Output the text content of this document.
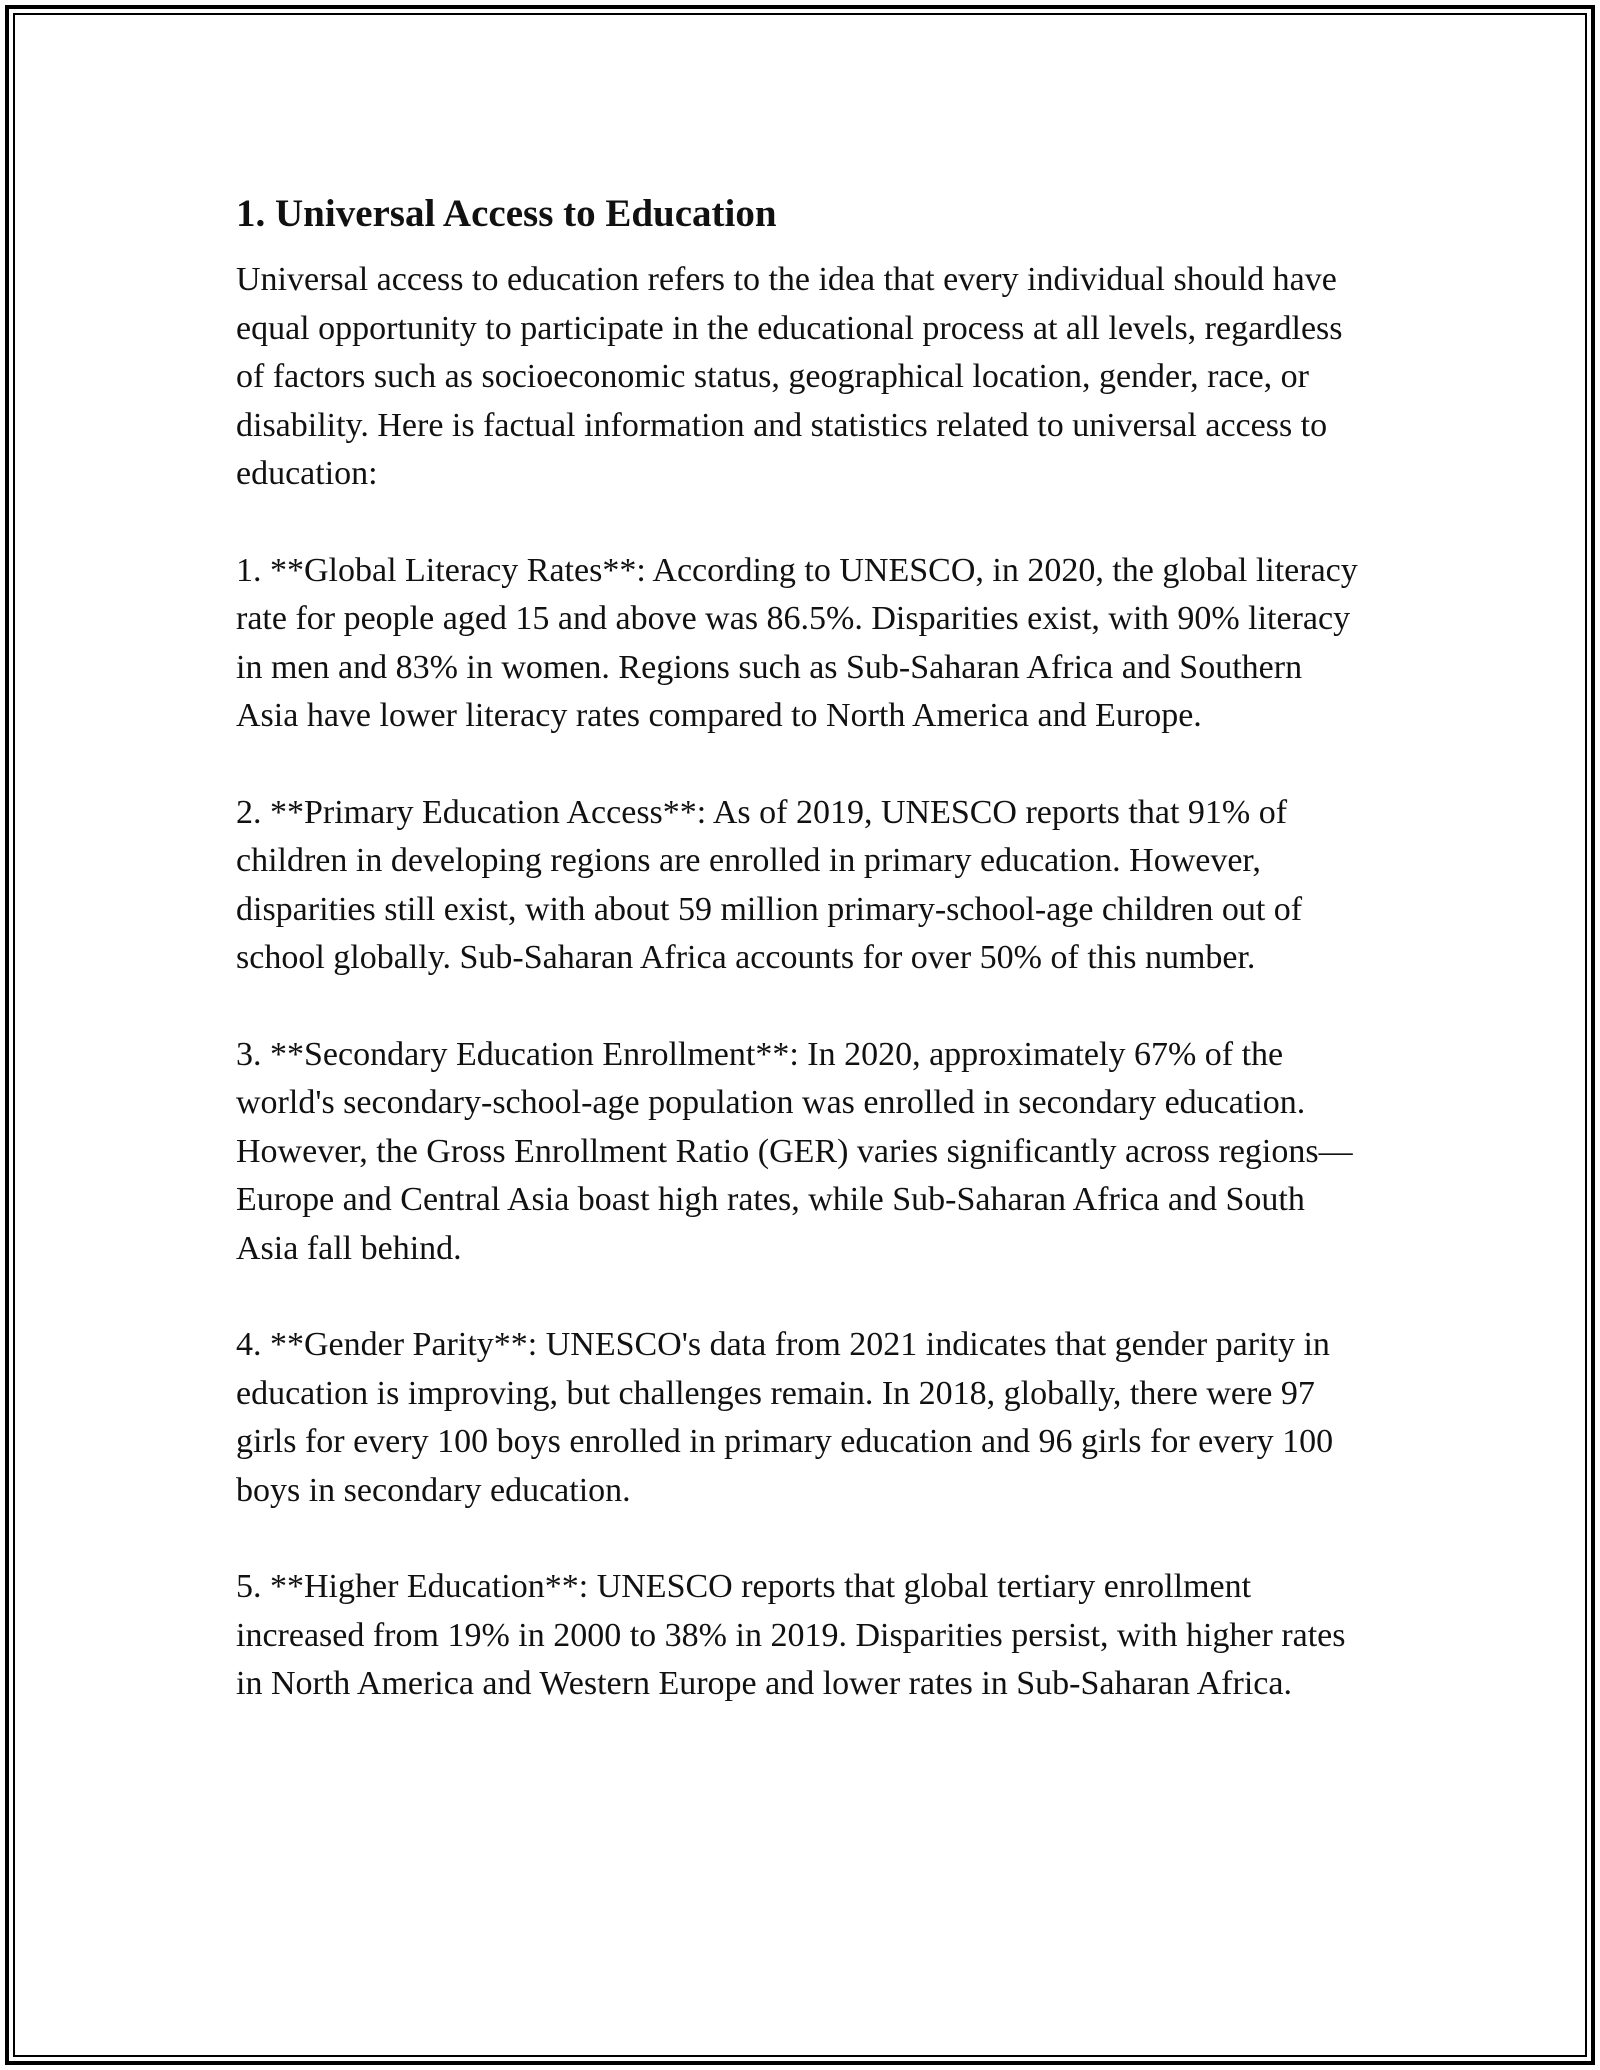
1. Universal Access to Education

Universal access to education refers to the idea that every individual should have equal opportunity to participate in the educational process at all levels, regardless of factors such as socioeconomic status, geographical location, gender, race, or disability. Here is factual information and statistics related to universal access to education:

1. **Global Literacy Rates**: According to UNESCO, in 2020, the global literacy rate for people aged 15 and above was 86.5%. Disparities exist, with 90% literacy in men and 83% in women. Regions such as Sub-Saharan Africa and Southern Asia have lower literacy rates compared to North America and Europe.

2. **Primary Education Access**: As of 2019, UNESCO reports that 91% of children in developing regions are enrolled in primary education. However, disparities still exist, with about 59 million primary-school-age children out of school globally. Sub-Saharan Africa accounts for over 50% of this number.

3. **Secondary Education Enrollment**: In 2020, approximately 67% of the world's secondary-school-age population was enrolled in secondary education. However, the Gross Enrollment Ratio (GER) varies significantly across regions—Europe and Central Asia boast high rates, while Sub-Saharan Africa and South Asia fall behind.

4. **Gender Parity**: UNESCO's data from 2021 indicates that gender parity in education is improving, but challenges remain. In 2018, globally, there were 97 girls for every 100 boys enrolled in primary education and 96 girls for every 100 boys in secondary education.

5. **Higher Education**: UNESCO reports that global tertiary enrollment increased from 19% in 2000 to 38% in 2019. Disparities persist, with higher rates in North America and Western Europe and lower rates in Sub-Saharan Africa.
